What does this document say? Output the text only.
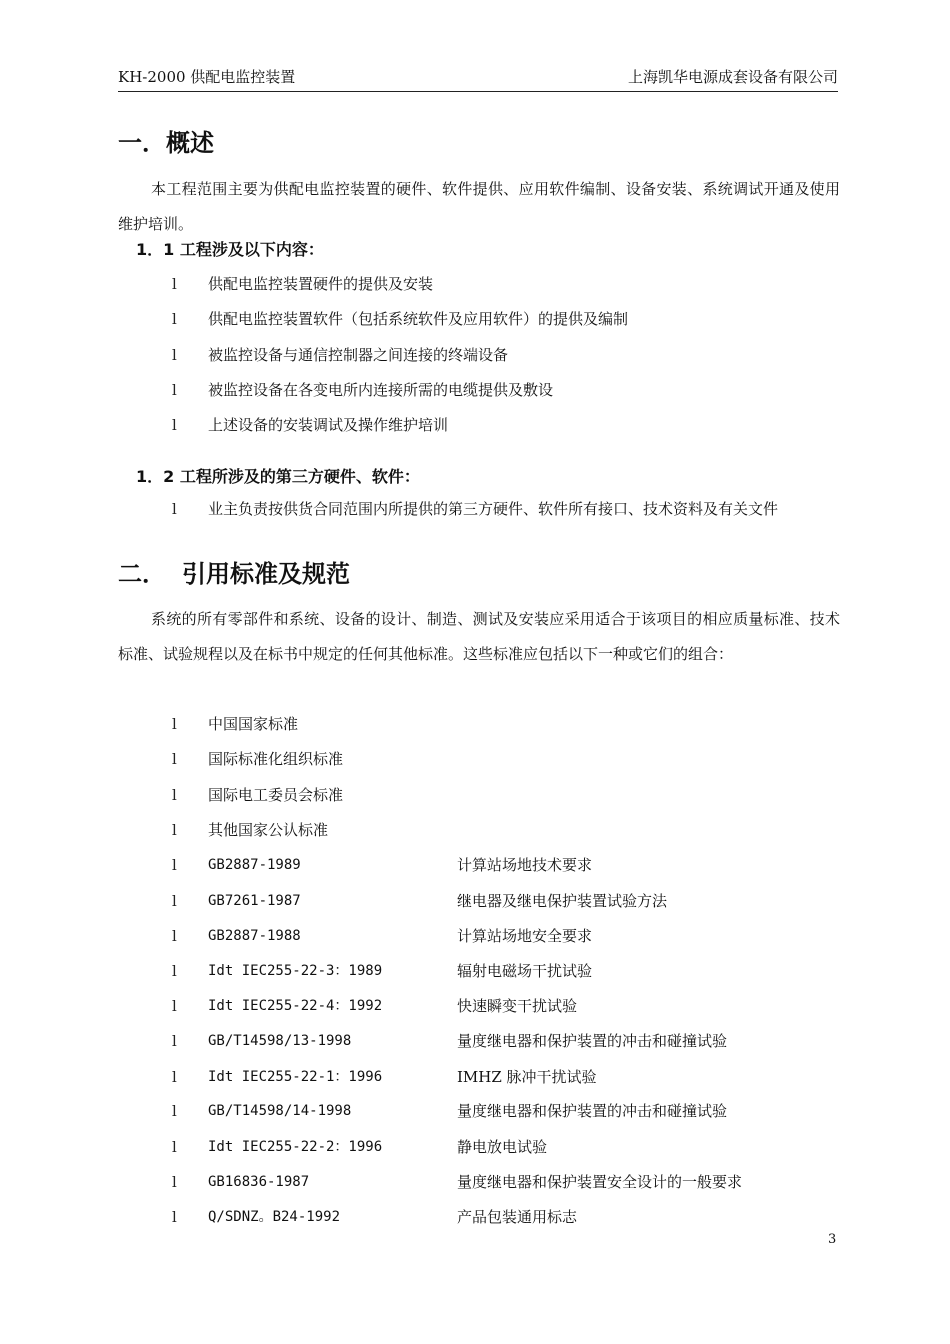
KH-2000 供配电监控装置	上海凯华电源成套设备有限公司
一．概述
本工程范围主要为供配电监控装置的硬件、软件提供、应用软件编制、设备安装、系统调试开通及使用维护培训。
1．1 工程涉及以下内容：
l 供配电监控装置硬件的提供及安装
l 供配电监控装置软件（包括系统软件及应用软件）的提供及编制
l 被监控设备与通信控制器之间连接的终端设备
l 被监控设备在各变电所内连接所需的电缆提供及敷设
l 上述设备的安装调试及操作维护培训
1．2 工程所涉及的第三方硬件、软件：
l 业主负责按供货合同范围内所提供的第三方硬件、软件所有接口、技术资料及有关文件
二． 引用标准及规范
系统的所有零部件和系统、设备的设计、制造、测试及安装应采用适合于该项目的相应质量标准、技术标准、试验规程以及在标书中规定的任何其他标准。这些标准应包括以下一种或它们的组合：
l 中国国家标准
l 国际标准化组织标准
l 国际电工委员会标准
l 其他国家公认标准
l GB2887-1989	计算站场地技术要求
l GB7261-1987	继电器及继电保护装置试验方法
l GB2887-1988	计算站场地安全要求
l Idt IEC255-22-3：1989	辐射电磁场干扰试验
l Idt IEC255-22-4：1992	快速瞬变干扰试验
l GB/T14598/13-1998	量度继电器和保护装置的冲击和碰撞试验
l Idt IEC255-22-1：1996	IMHZ 脉冲干扰试验
l GB/T14598/14-1998	量度继电器和保护装置的冲击和碰撞试验
l Idt IEC255-22-2：1996	静电放电试验
l GB16836-1987	量度继电器和保护装置安全设计的一般要求
l Q/SDNZ。B24-1992	产品包装通用标志
3
